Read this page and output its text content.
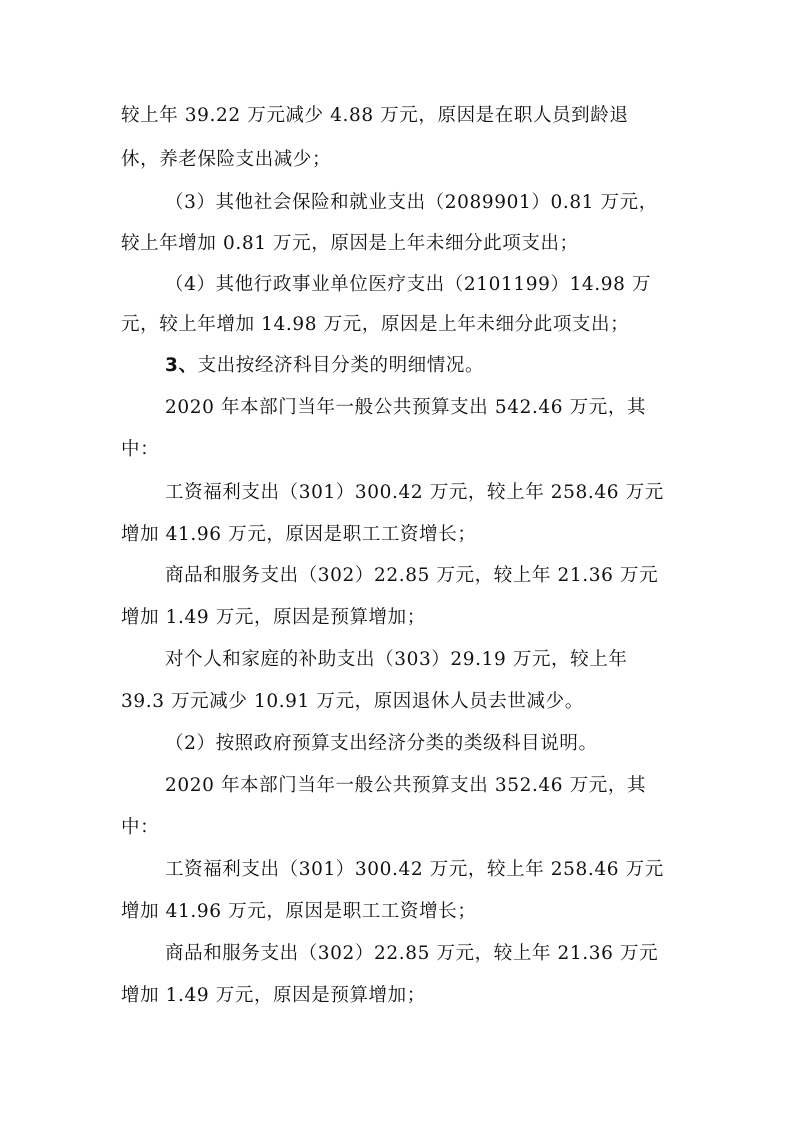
较上年 39.22 万元减少 4.88 万元，原因是在职人员到龄退
休，养老保险支出减少；
（3）其他社会保险和就业支出（2089901）0.81 万元，
较上年增加 0.81 万元，原因是上年未细分此项支出；
（4）其他行政事业单位医疗支出（2101199）14.98 万
元，较上年增加 14.98 万元，原因是上年未细分此项支出；
3、支出按经济科目分类的明细情况。
2020 年本部门当年一般公共预算支出 542.46 万元，其
中：
工资福利支出（301）300.42 万元，较上年 258.46 万元
增加 41.96 万元，原因是职工工资增长；
商品和服务支出（302）22.85 万元，较上年 21.36 万元
增加 1.49 万元，原因是预算增加；
对个人和家庭的补助支出（303）29.19 万元，较上年
39.3 万元减少 10.91 万元，原因退休人员去世减少。
（2）按照政府预算支出经济分类的类级科目说明。
2020 年本部门当年一般公共预算支出 352.46 万元，其
中：
工资福利支出（301）300.42 万元，较上年 258.46 万元
增加 41.96 万元，原因是职工工资增长；
商品和服务支出（302）22.85 万元，较上年 21.36 万元
增加 1.49 万元，原因是预算增加；
